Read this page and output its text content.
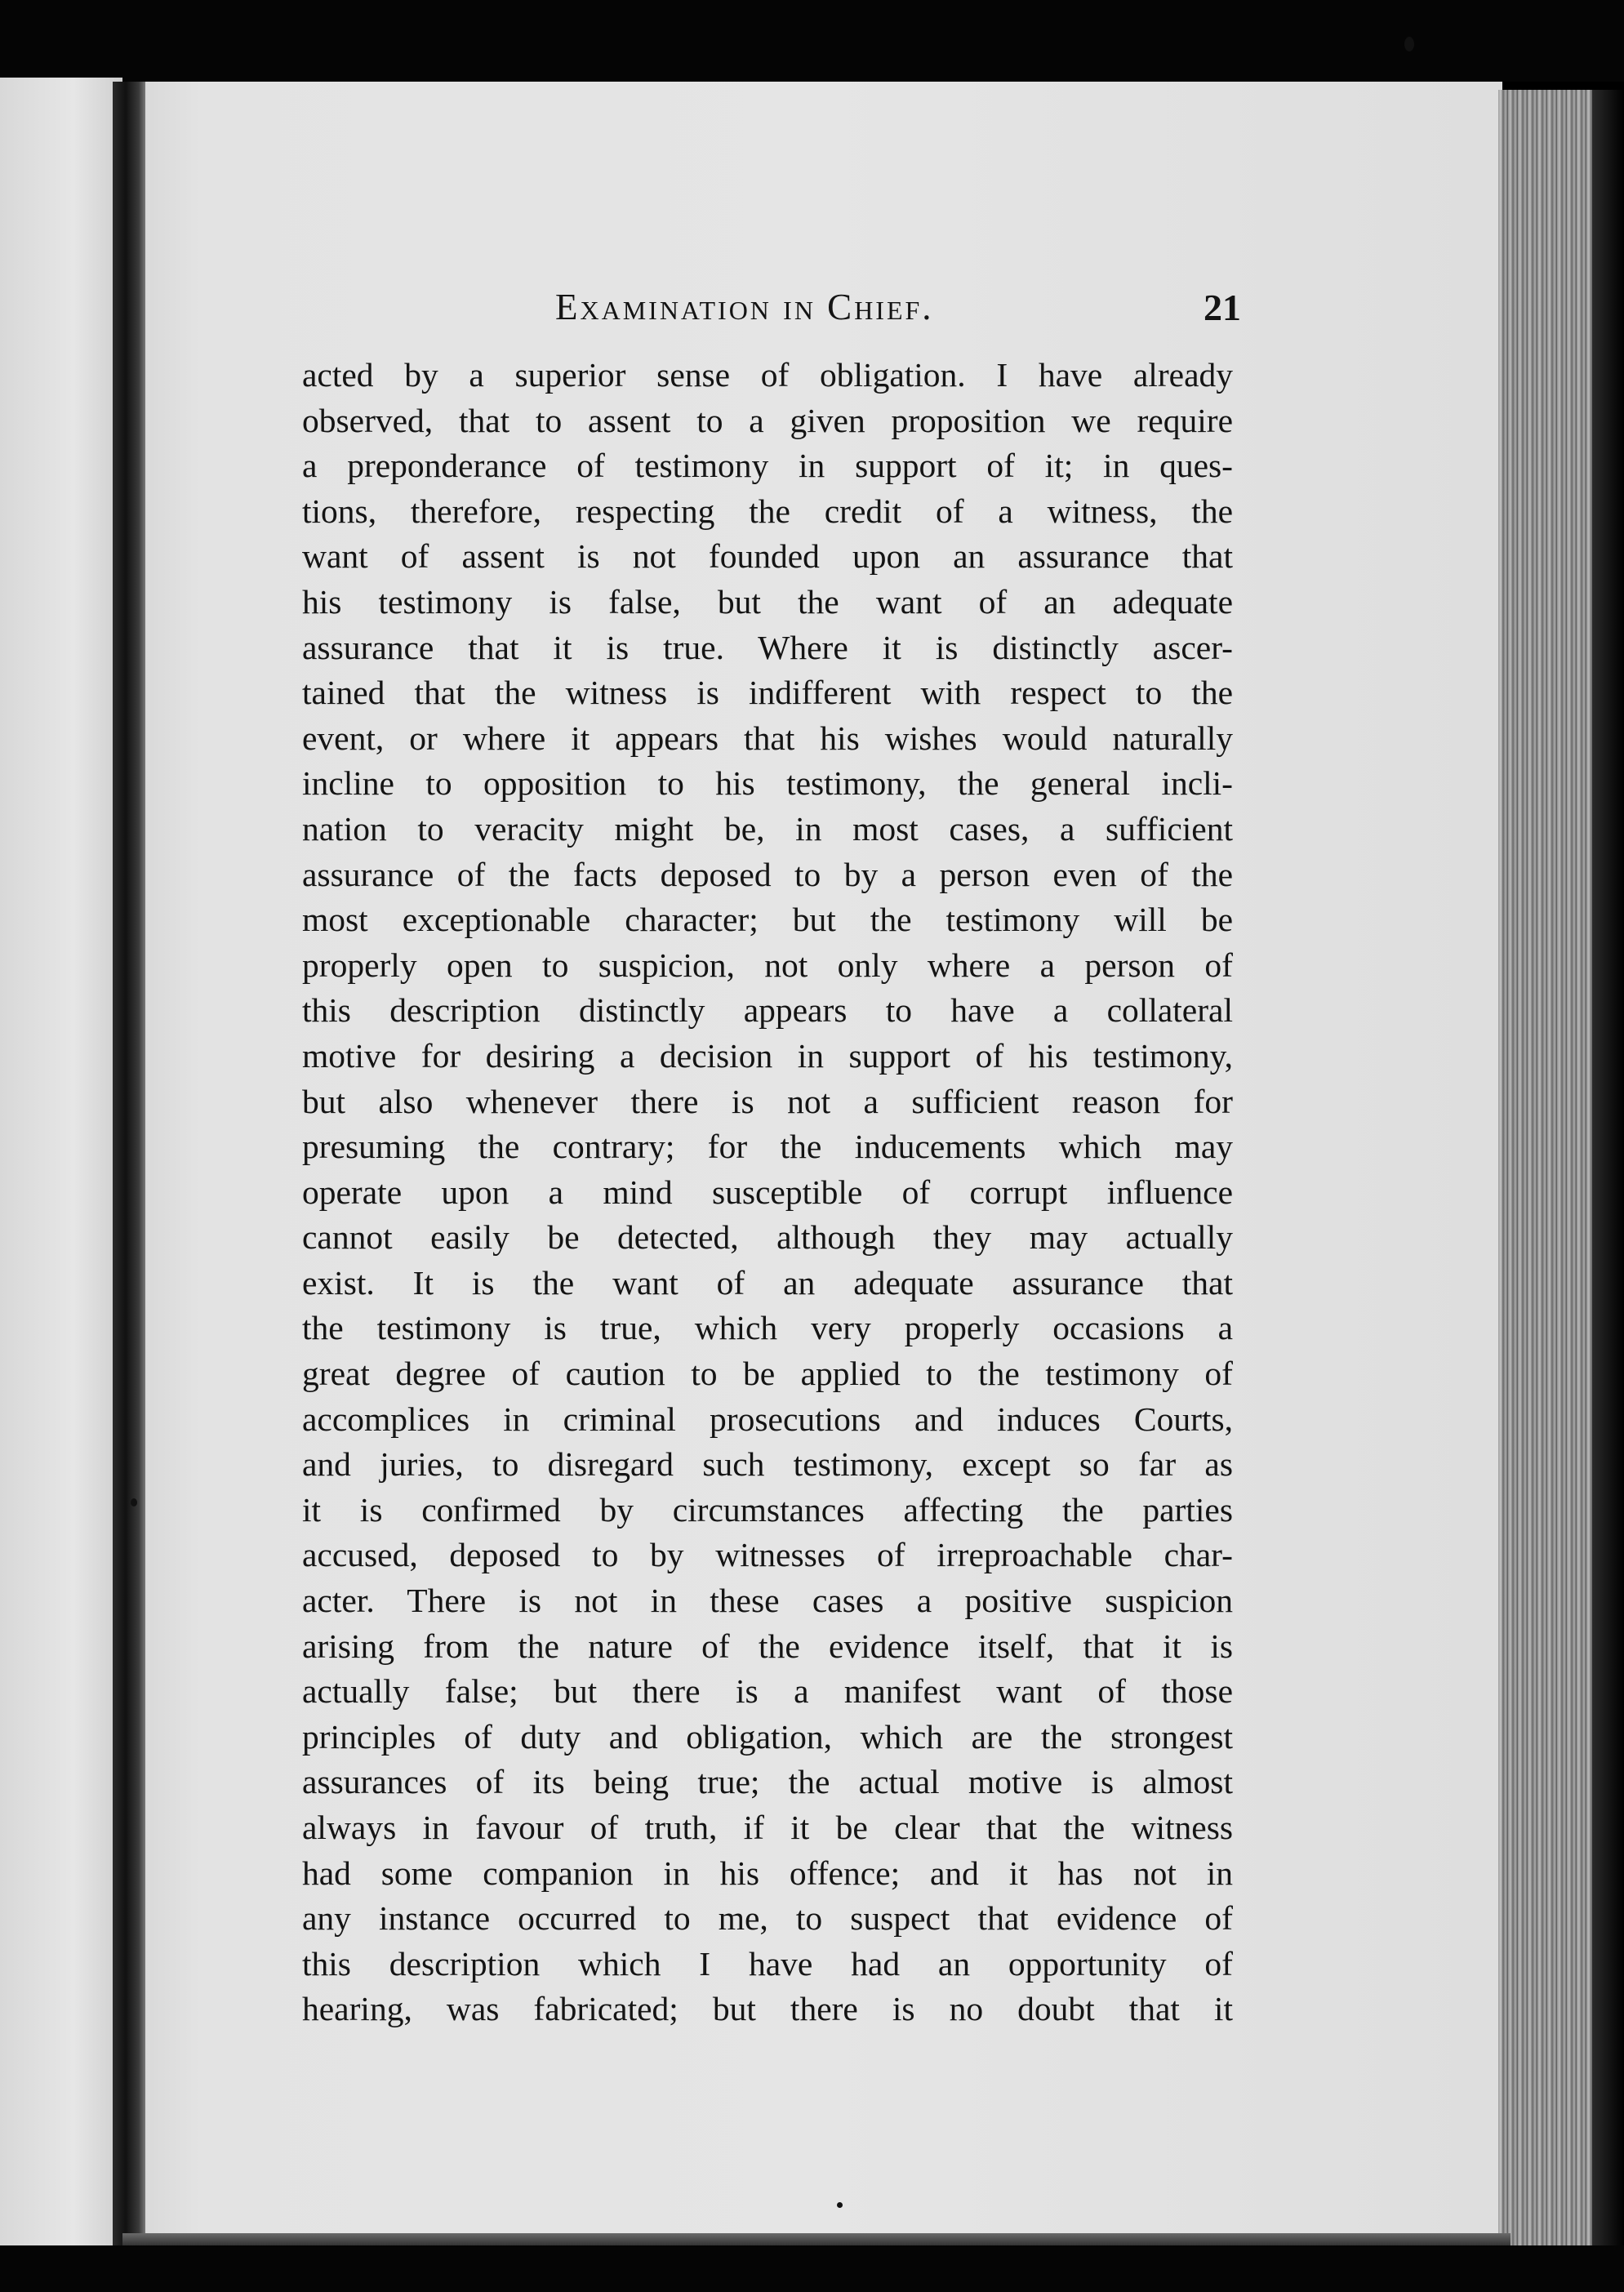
Examination in Chief.	21
acted by a superior sense of obligation. I have already
observed, that to assent to a given proposition we require
a preponderance of testimony in support of it; in ques-
tions, therefore, respecting the credit of a witness, the
want of assent is not founded upon an assurance that
his testimony is false, but the want of an adequate
assurance that it is true. Where it is distinctly ascer-
tained that the witness is indifferent with respect to the
event, or where it appears that his wishes would naturally
incline to opposition to his testimony, the general incli-
nation to veracity might be, in most cases, a sufficient
assurance of the facts deposed to by a person even of the
most exceptionable character; but the testimony will be
properly open to suspicion, not only where a person of
this description distinctly appears to have a collateral
motive for desiring a decision in support of his testimony,
but also whenever there is not a sufficient reason for
presuming the contrary; for the inducements which may
operate upon a mind susceptible of corrupt influence
cannot easily be detected, although they may actually
exist. It is the want of an adequate assurance that
the testimony is true, which very properly occasions a
great degree of caution to be applied to the testimony of
accomplices in criminal prosecutions and induces Courts,
and juries, to disregard such testimony, except so far as
it is confirmed by circumstances affecting the parties
accused, deposed to by witnesses of irreproachable char-
acter. There is not in these cases a positive suspicion
arising from the nature of the evidence itself, that it is
actually false; but there is a manifest want of those
principles of duty and obligation, which are the strongest
assurances of its being true; the actual motive is almost
always in favour of truth, if it be clear that the witness
had some companion in his offence; and it has not in
any instance occurred to me, to suspect that evidence of
this description which I have had an opportunity of
hearing, was fabricated; but there is no doubt that it
